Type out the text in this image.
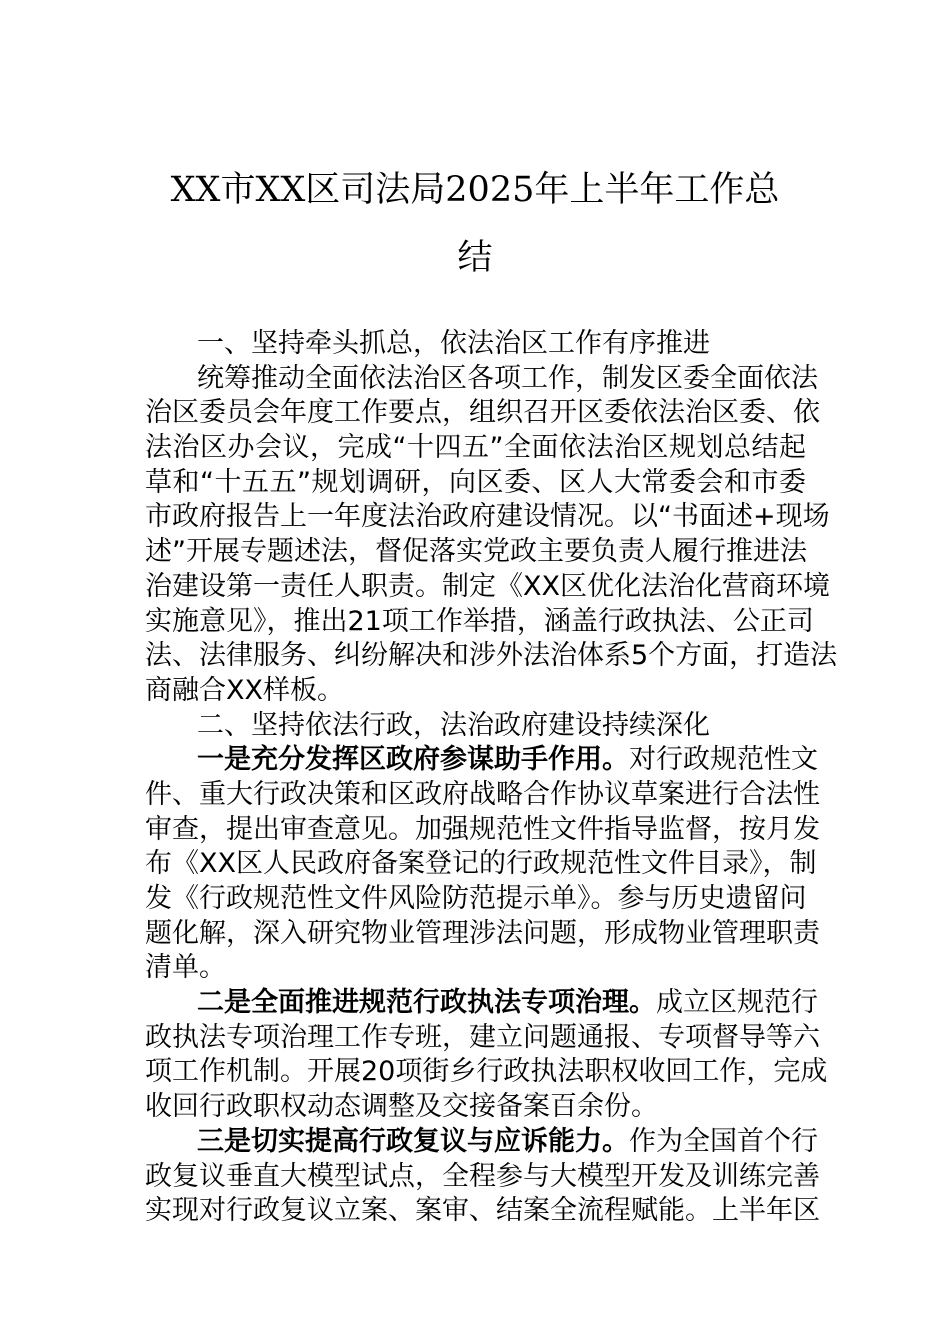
XX市XX区司法局2025年上半年工作总
结
一、坚持牵头抓总，依法治区工作有序推进
统筹推动全面依法治区各项工作，制发区委全面依法
治区委员会年度工作要点，组织召开区委依法治区委、依
法治区办会议，完成“十四五”全面依法治区规划总结起
草和“十五五”规划调研，向区委、区人大常委会和市委
市政府报告上一年度法治政府建设情况。以“书面述+现场
述”开展专题述法，督促落实党政主要负责人履行推进法
治建设第一责任人职责。制定《XX区优化法治化营商环境
实施意见》，推出21项工作举措，涵盖行政执法、公正司
法、法律服务、纠纷解决和涉外法治体系5个方面，打造法
商融合XX样板。
二、坚持依法行政，法治政府建设持续深化
一是充分发挥区政府参谋助手作用。对行政规范性文
件、重大行政决策和区政府战略合作协议草案进行合法性
审查，提出审查意见。加强规范性文件指导监督，按月发
布《XX区人民政府备案登记的行政规范性文件目录》，制
发《行政规范性文件风险防范提示单》。参与历史遗留问
题化解，深入研究物业管理涉法问题，形成物业管理职责
清单。
二是全面推进规范行政执法专项治理。成立区规范行
政执法专项治理工作专班，建立问题通报、专项督导等六
项工作机制。开展20项街乡行政执法职权收回工作，完成
收回行政职权动态调整及交接备案百余份。
三是切实提高行政复议与应诉能力。作为全国首个行
政复议垂直大模型试点，全程参与大模型开发及训练完善
实现对行政复议立案、案审、结案全流程赋能。上半年区
